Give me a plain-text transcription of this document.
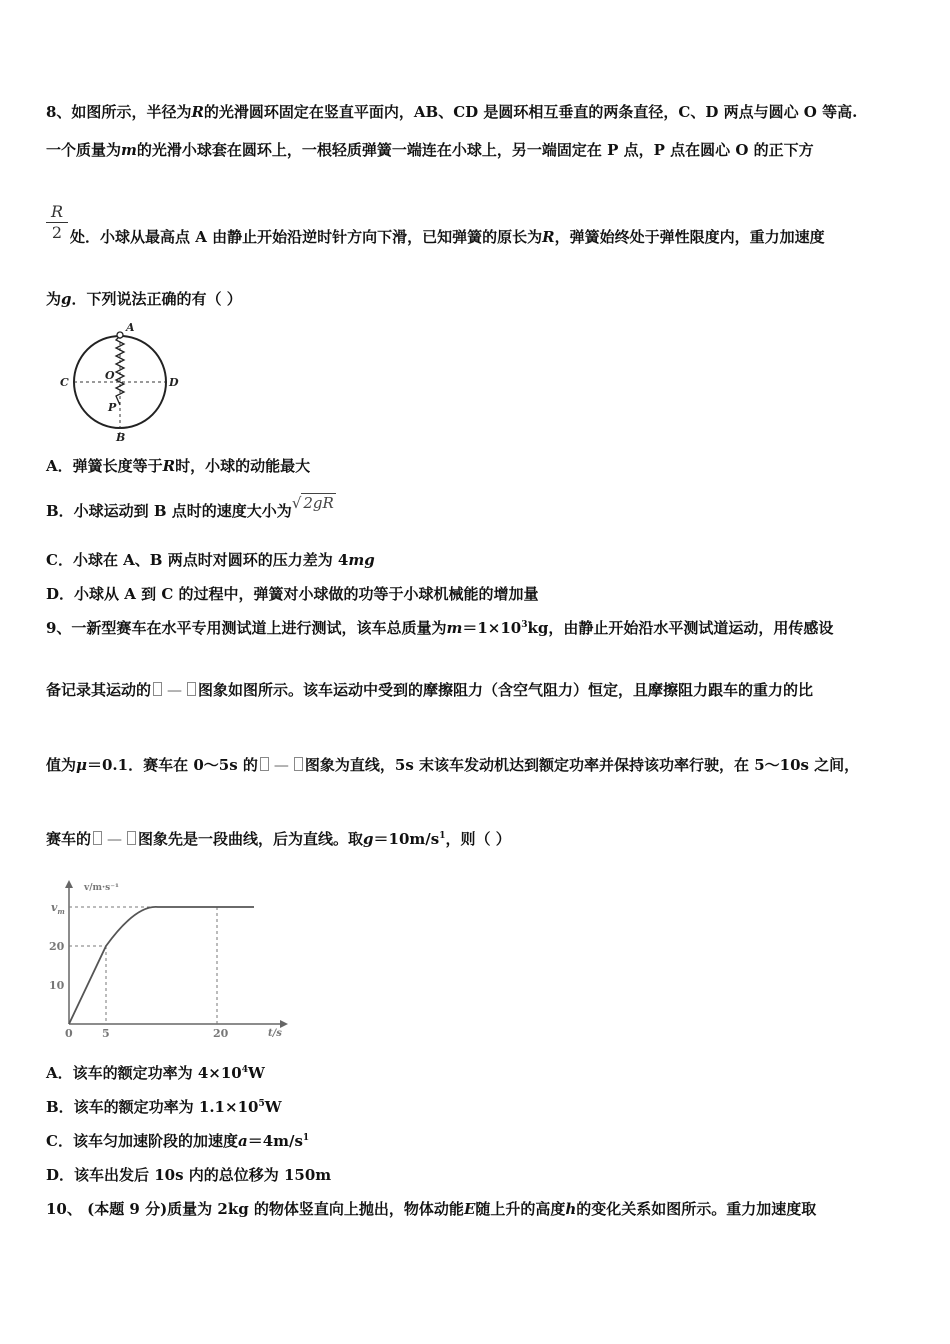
8、如图所示，半径为R的光滑圆环固定在竖直平面内，AB、CD 是圆环相互垂直的两条直径，C、D 两点与圆心 O 等高.
一个质量为m的光滑小球套在圆环上，一根轻质弹簧一端连在小球上，另一端固定在 P 点，P 点在圆心 O 的正下方
$\frac{R}{2}$ 处．小球从最高点 A 由静止开始沿逆时针方向下滑，已知弹簧的原长为R，弹簧始终处于弹性限度内，重力加速度
为g．下列说法正确的有（ ）
A
C	D
O
P
B
A．弹簧长度等于R时，小球的动能最大
B．小球运动到 B 点时的速度大小为√ 2gR
C．小球在 A、B 两点时对圆环的压力差为 4mg
D．小球从 A 到 C 的过程中，弹簧对小球做的功等于小球机械能的增加量
9、一新型赛车在水平专用测试道上进行测试，该车总质量为$m=1\times 10^3kg$，由静止开始沿水平测试道运动，用传感设
备记录其运动的 — 图象如图所示。该车运动中受到的摩擦阻力（含空气阻力）恒定，且摩擦阻力跟车的重力的比
值为μ＝0.1．赛车在 0～5s 的 — 图象为直线，5s 末该车发动机达到额定功率并保持该功率行驶，在 5～10s 之间，
赛车的 — 图象先是一段曲线，后为直线。取$g=10m/s^1$，则（ ）
v/m·s⁻¹
t/s
$v_m$
0	5	20
10
20
A．该车的额定功率为 $4\times 10^4W$
B．该车的额定功率为 $1.1\times 10^5W$
C．该车匀加速阶段的加速度$a=4m/s^1$
D．该车出发后 10s 内的总位移为 150m
10、 (本题 9 分)质量为 2kg 的物体竖直向上抛出，物体动能E随上升的高度h的变化关系如图所示。重力加速度取
